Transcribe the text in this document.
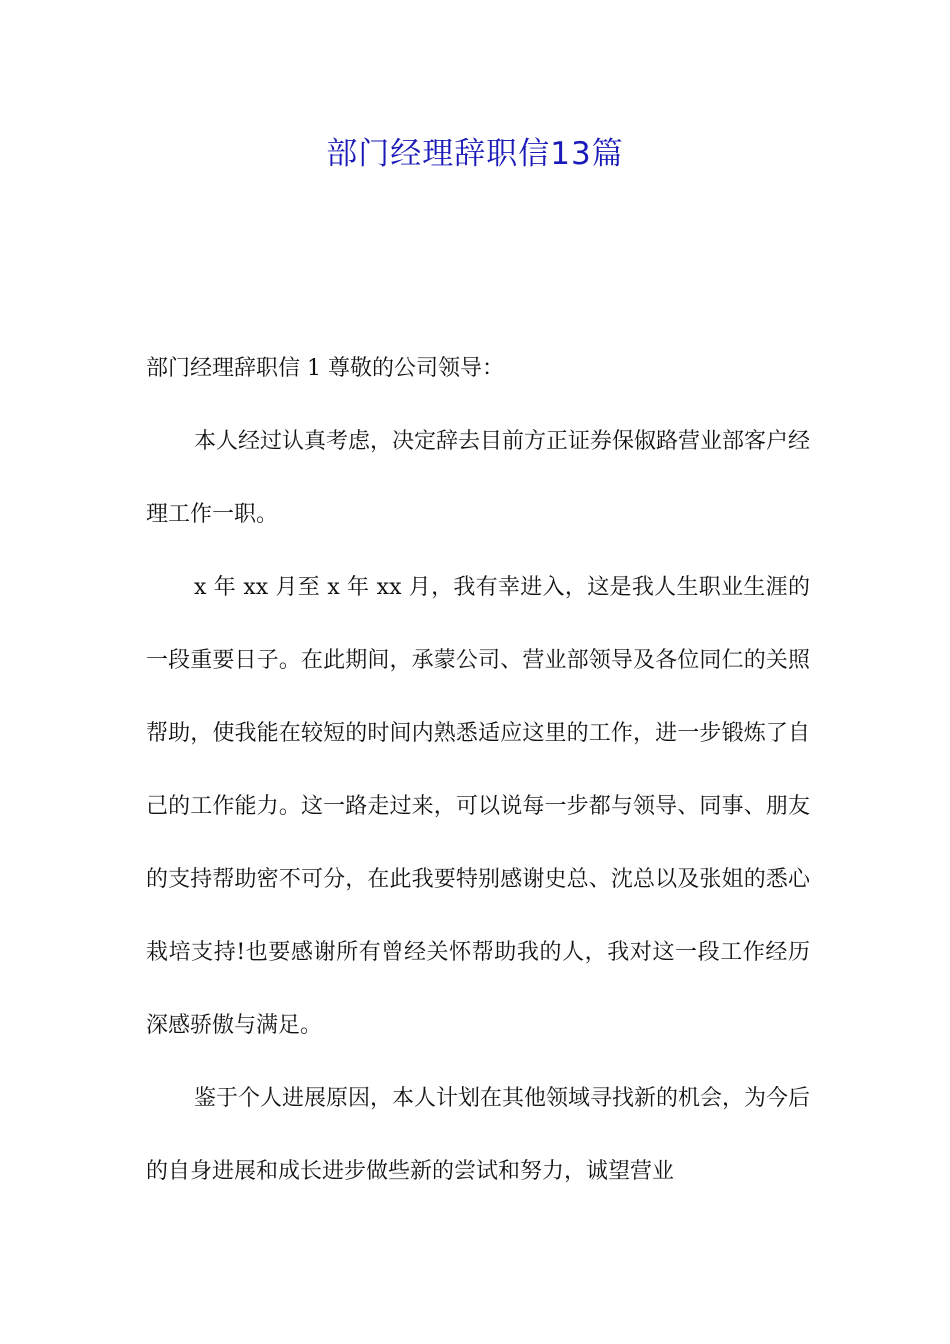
部门经理辞职信13篇

部门经理辞职信 1 尊敬的公司领导：

本人经过认真考虑，决定辞去目前方正证券保俶路营业部客户经理工作一职。

x 年 xx 月至 x 年 xx 月，我有幸进入，这是我人生职业生涯的一段重要日子。在此期间，承蒙公司、营业部领导及各位同仁的关照帮助，使我能在较短的时间内熟悉适应这里的工作，进一步锻炼了自己的工作能力。这一路走过来，可以说每一步都与领导、同事、朋友的支持帮助密不可分，在此我要特别感谢史总、沈总以及张姐的悉心栽培支持!也要感谢所有曾经关怀帮助我的人，我对这一段工作经历深感骄傲与满足。

鉴于个人进展原因，本人计划在其他领域寻找新的机会，为今后的自身进展和成长进步做些新的尝试和努力，诚望营业
